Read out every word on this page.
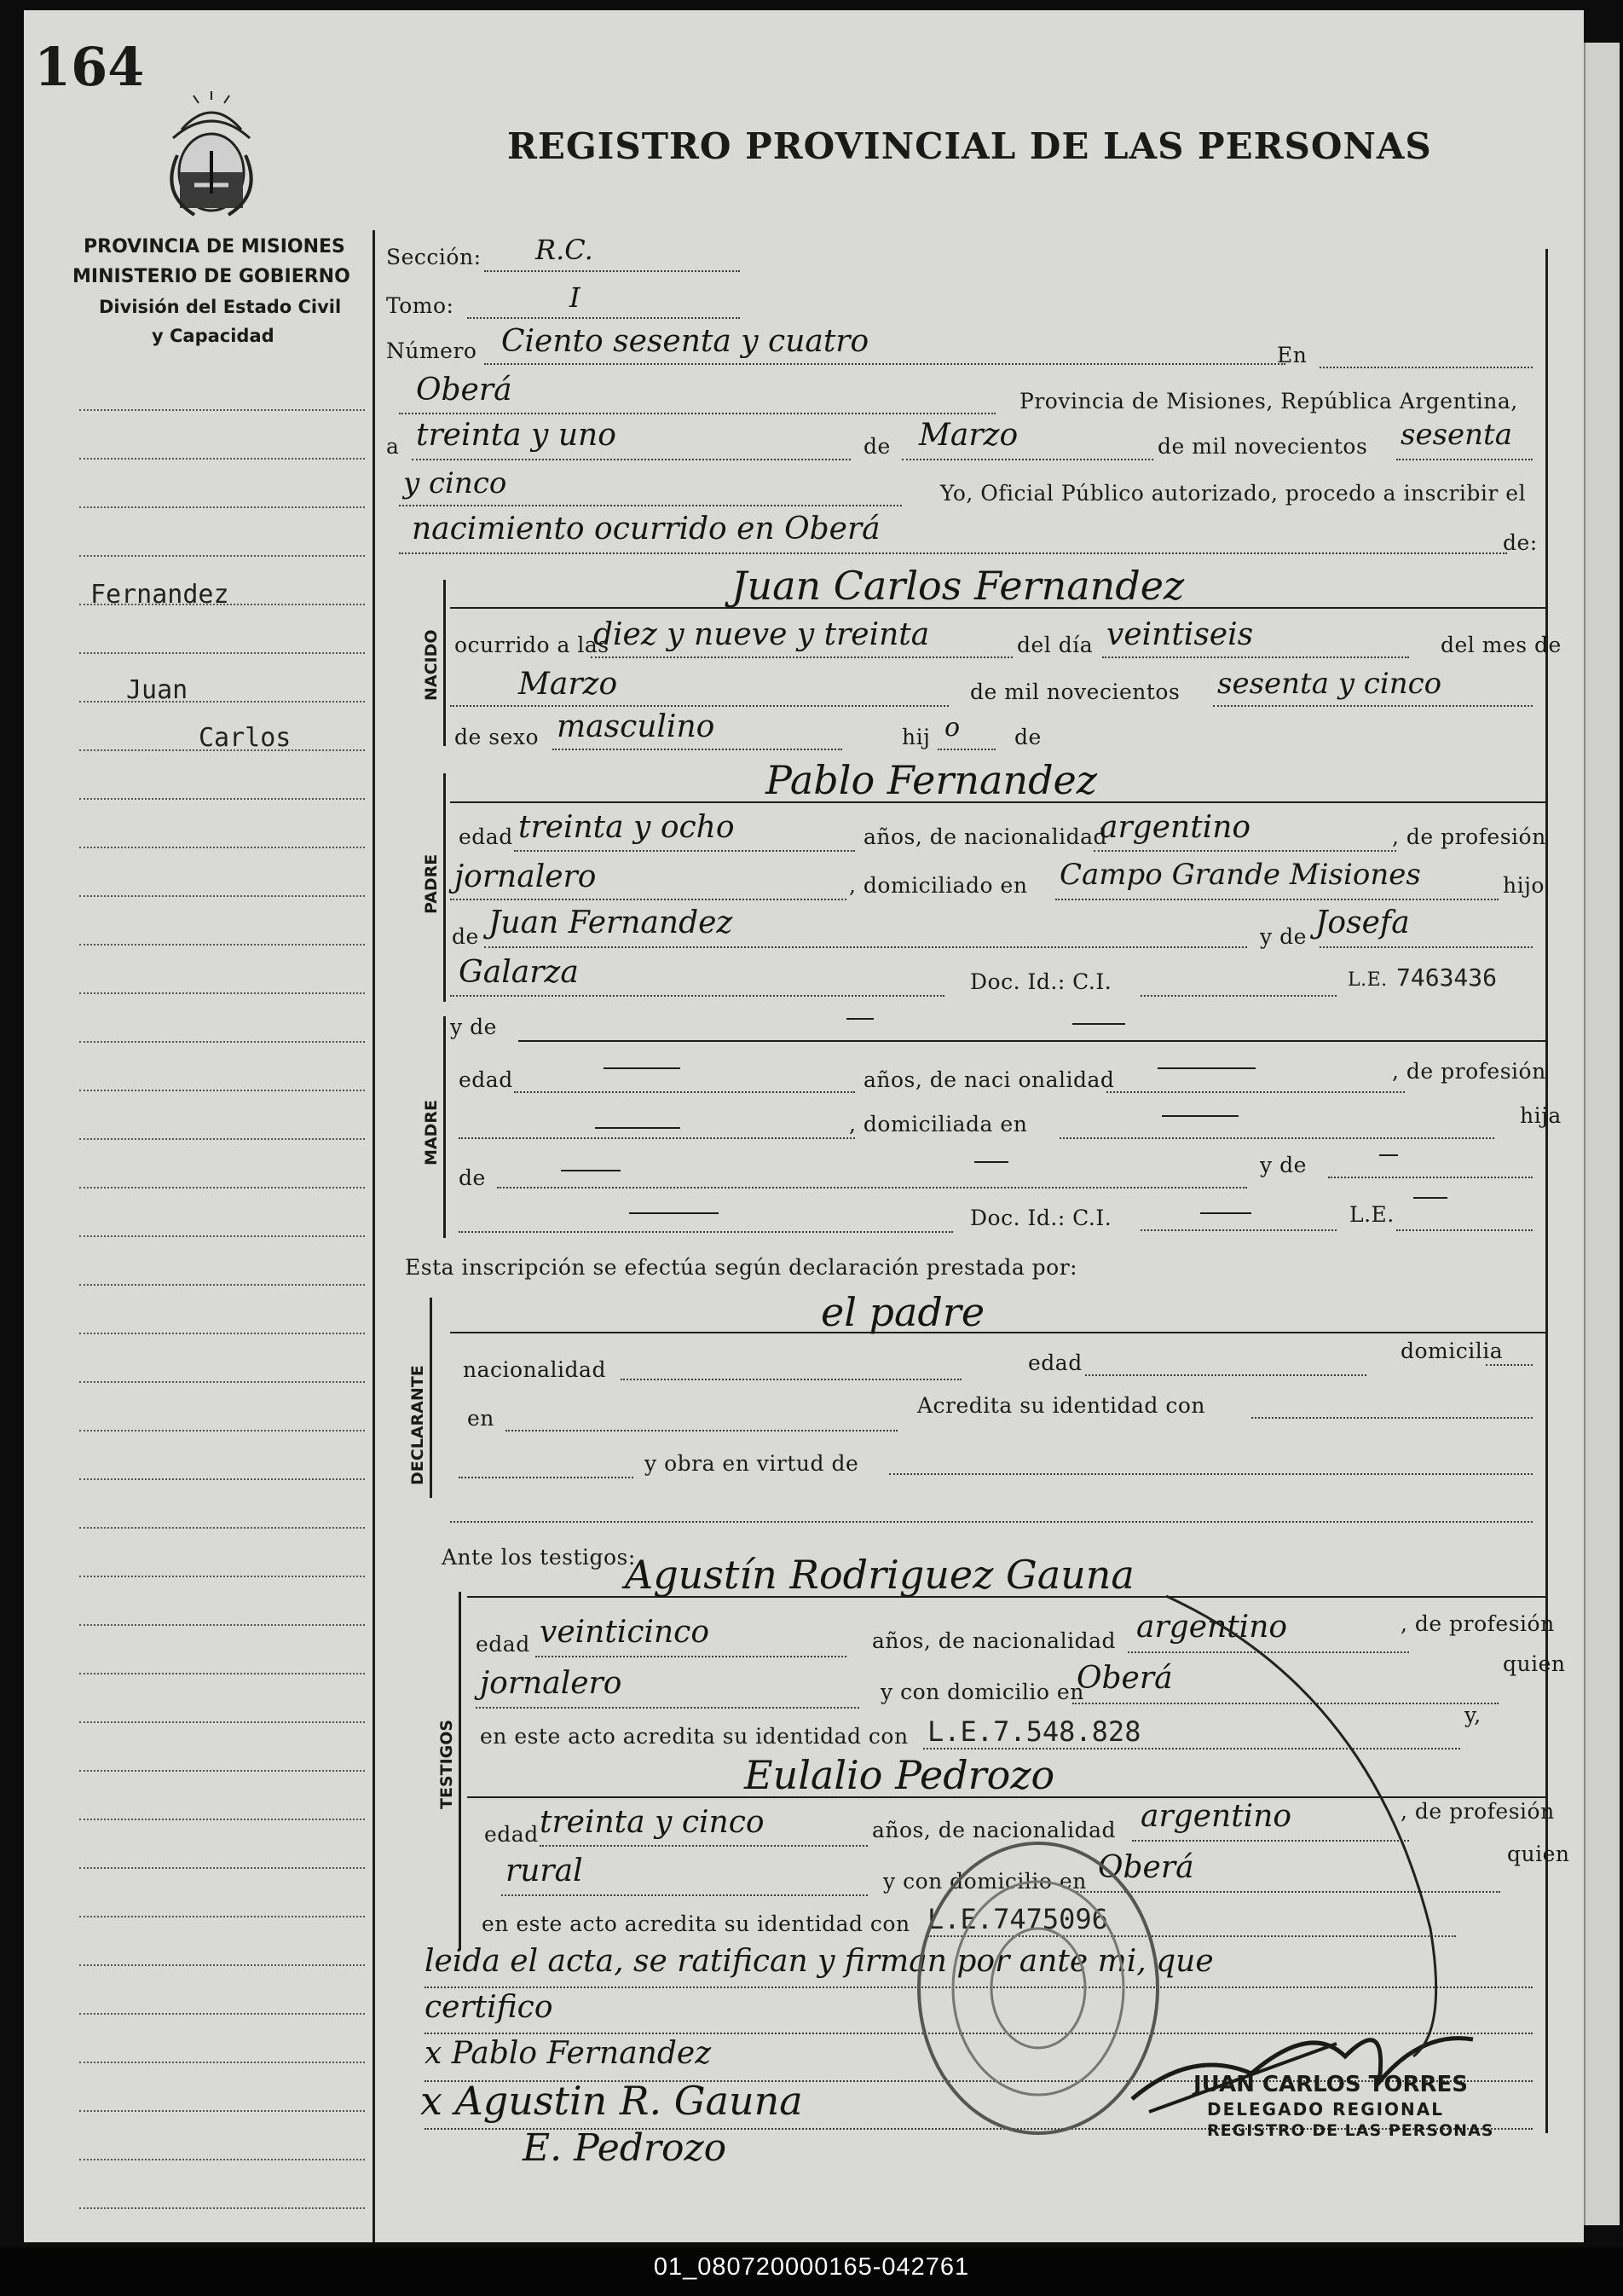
164
REGISTRO PROVINCIAL DE LAS PERSONAS
PROVINCIA DE MISIONES
MINISTERIO DE GOBIERNO
División del Estado Civil
y Capacidad
Fernandez
Juan
Carlos
Sección: R.C.
Tomo:	I
Número Ciento sesenta y cuatro	En
Oberá	Provincia de Misiones, República Argentina,
a treinta y uno	de Marzo	de mil novecientos sesenta
y cinco	Yo, Oficial Público autorizado, procedo a inscribir el
nacimiento ocurrido en Oberá	de:
NACIDO
Juan Carlos Fernandez
ocurrido a las
diez y nueve y treinta	del día veintiseis	del mes de
Marzo	de mil novecientos sesenta y cinco
de sexo masculino	hij o	de
PADRE
Pablo Fernandez
edad treinta y ocho	años, de nacionalidad
argentino	, de profesión
jornalero	, domiciliado en Campo Grande Misiones	hijo
de Juan Fernandez	y de Josefa
Galarza	Doc. Id.: C.I.	L.E. 7463436
MADRE
y de
edad	años, de naci onalidad	, de profesión
, domiciliada en	hija
de
y de
Doc. Id.: C.I.	L.E.
Esta inscripción se efectúa según declaración prestada por:
DECLARANTE
el padre
nacionalidad	edad	domicilia
en
Acredita su identidad con
y obra en virtud de
Ante los testigos:
TESTIGOS
Agustín Rodriguez Gauna
edad veinticinco	años, de nacionalidad argentino	, de profesión
jornalero	y con domicilio en
Oberá	quien
en este acto acredita su identidad con L.E.7.548.828
y,
Eulalio Pedrozo
edad treinta y cinco	años, de nacionalidad argentino	, de profesión
rural	y con domicilio en Oberá	quien
en este acto acredita su identidad con L.E.7475096
leida el acta, se ratifican y firman por ante mi, que
certifico
x Pablo Fernandez
x Agustin R. Gauna
E. Pedrozo
JUAN CARLOS TORRES
DELEGADO REGIONAL
REGISTRO DE LAS PERSONAS
01_080720000165-042761
